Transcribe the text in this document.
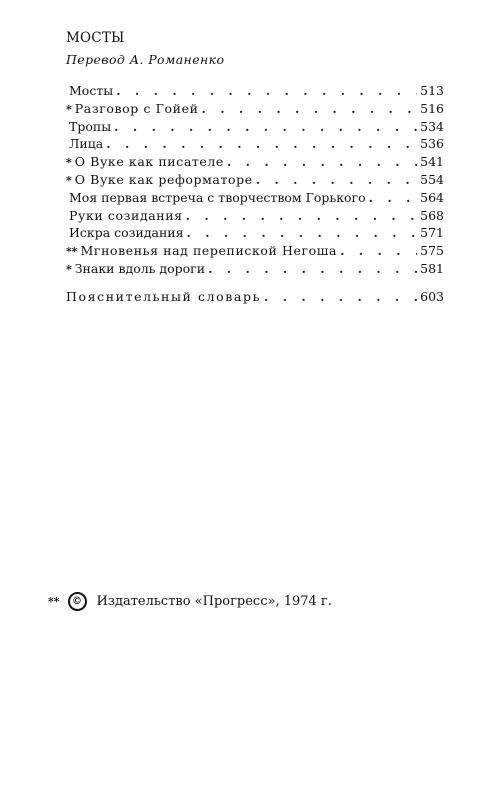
МОСТЫ
Перевод А. Романенко
Мосты . . .	513
* Разговор с Гойей . . .	516
Тропы . . .	534
Лица . . .	536
* О Вуке как писателе . . .	541
* О Вуке как реформаторе . . .	554
Моя первая встреча с творчеством Горького . . .	564
Руки созидания . . .	568
Искра созидания . . .	571
** Мгновенья над перепиской Негоша . . .	575
* Знаки вдоль дороги . . .	581
Пояснительный словарь . . .	603
**	©	Издательство «Прогресс», 1974 г.
